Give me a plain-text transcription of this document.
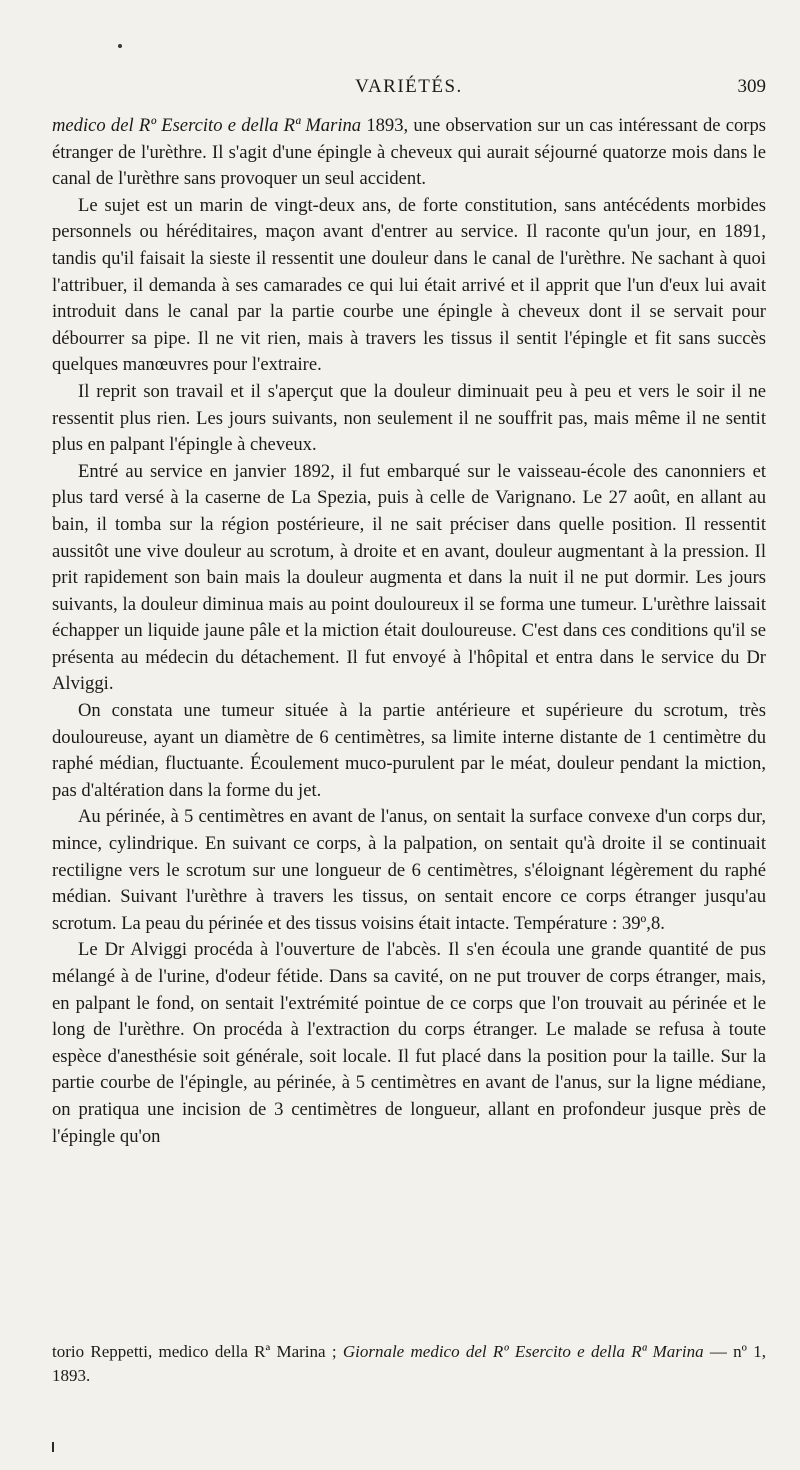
VARIÉTÉS.	309

medico del Rº Esercito e della Rª Marina 1893, une observation sur un cas intéressant de corps étranger de l'urèthre. Il s'agit d'une épingle à cheveux qui aurait séjourné quatorze mois dans le canal de l'urèthre sans provoquer un seul accident.

Le sujet est un marin de vingt-deux ans, de forte constitution, sans antécédents morbides personnels ou héréditaires, maçon avant d'entrer au service. Il raconte qu'un jour, en 1891, tandis qu'il faisait la sieste il ressentit une douleur dans le canal de l'urèthre. Ne sachant à quoi l'attribuer, il demanda à ses camarades ce qui lui était arrivé et il apprit que l'un d'eux lui avait introduit dans le canal par la partie courbe une épingle à cheveux dont il se servait pour débourrer sa pipe. Il ne vit rien, mais à travers les tissus il sentit l'épingle et fit sans succès quelques manœuvres pour l'extraire.

Il reprit son travail et il s'aperçut que la douleur diminuait peu à peu et vers le soir il ne ressentit plus rien. Les jours suivants, non seulement il ne souffrit pas, mais même il ne sentit plus en palpant l'épingle à cheveux.

Entré au service en janvier 1892, il fut embarqué sur le vaisseau-école des canonniers et plus tard versé à la caserne de La Spezia, puis à celle de Varignano. Le 27 août, en allant au bain, il tomba sur la région postérieure, il ne sait préciser dans quelle position. Il ressentit aussitôt une vive douleur au scrotum, à droite et en avant, douleur augmentant à la pression. Il prit rapidement son bain mais la douleur augmenta et dans la nuit il ne put dormir. Les jours suivants, la douleur diminua mais au point douloureux il se forma une tumeur. L'urèthre laissait échapper un liquide jaune pâle et la miction était douloureuse. C'est dans ces conditions qu'il se présenta au médecin du détachement. Il fut envoyé à l'hôpital et entra dans le service du Dr Alviggi.

On constata une tumeur située à la partie antérieure et supérieure du scrotum, très douloureuse, ayant un diamètre de 6 centimètres, sa limite interne distante de 1 centimètre du raphé médian, fluctuante. Écoulement muco-purulent par le méat, douleur pendant la miction, pas d'altération dans la forme du jet.

Au périnée, à 5 centimètres en avant de l'anus, on sentait la surface convexe d'un corps dur, mince, cylindrique. En suivant ce corps, à la palpation, on sentait qu'à droite il se continuait rectiligne vers le scrotum sur une longueur de 6 centimètres, s'éloignant légèrement du raphé médian. Suivant l'urèthre à travers les tissus, on sentait encore ce corps étranger jusqu'au scrotum. La peau du périnée et des tissus voisins était intacte. Température : 39º,8.

Le Dr Alviggi procéda à l'ouverture de l'abcès. Il s'en écoula une grande quantité de pus mélangé à de l'urine, d'odeur fétide. Dans sa cavité, on ne put trouver de corps étranger, mais, en palpant le fond, on sentait l'extrémité pointue de ce corps que l'on trouvait au périnée et le long de l'urèthre. On procéda à l'extraction du corps étranger. Le malade se refusa à toute espèce d'anesthésie soit générale, soit locale. Il fut placé dans la position pour la taille. Sur la partie courbe de l'épingle, au périnée, à 5 centimètres en avant de l'anus, sur la ligne médiane, on pratiqua une incision de 3 centimètres de longueur, allant en profondeur jusque près de l'épingle qu'on

torio Reppetti, medico della Rª Marina ; Giornale medico del Rº Esercito e della Rª Marina — nº 1, 1893.
